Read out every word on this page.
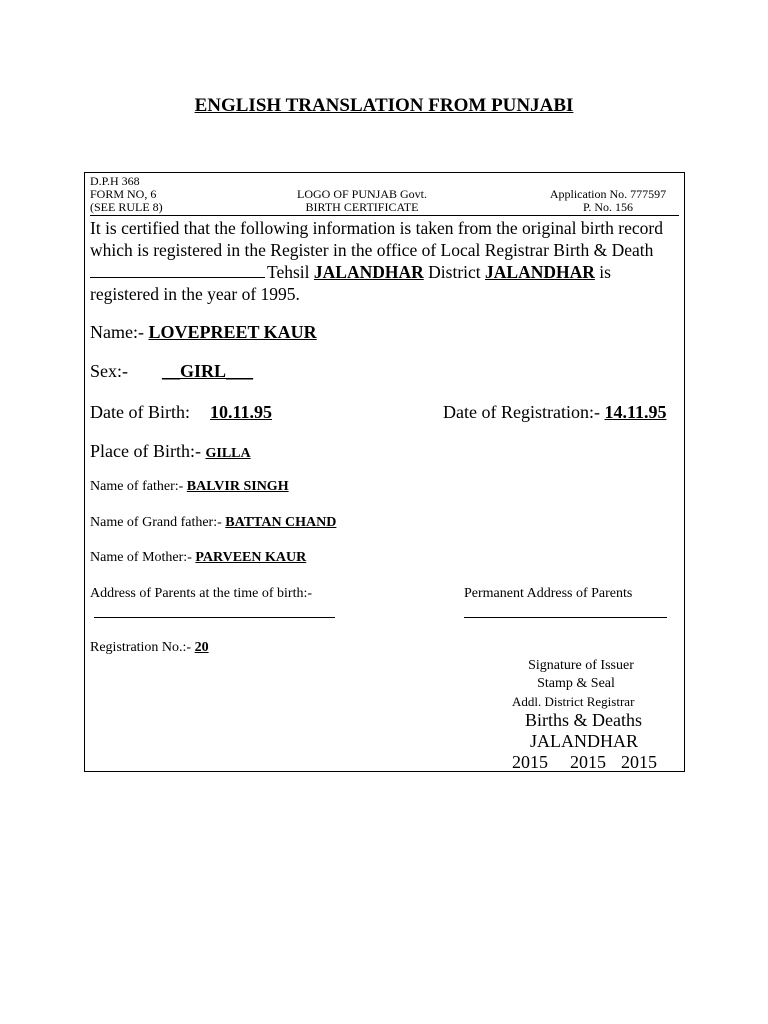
ENGLISH TRANSLATION FROM PUNJABI
D.P.H 368
FORM NO, 6
(SEE RULE 8)
LOGO OF PUNJAB Govt.
BIRTH CERTIFICATE
Application No. 777597
P. No. 156
It is certified that the following information is taken from the original birth record
which is registered in the Register in the office of Local Registrar Birth & Death
Tehsil JALANDHAR District JALANDHAR is
registered in the year of 1995.
Name:- LOVEPREET KAUR
Sex:- __GIRL___
Date of Birth: 10.11.95	Date of Registration:- 14.11.95
Place of Birth:- GILLA
Name of father:- BALVIR SINGH
Name of Grand father:- BATTAN CHAND
Name of Mother:- PARVEEN KAUR
Address of Parents at the time of birth:-	Permanent Address of Parents
Registration No.:- 20
Signature of Issuer
Stamp & Seal
Addl. District Registrar
Births & Deaths
JALANDHAR
2015 2015 2015
